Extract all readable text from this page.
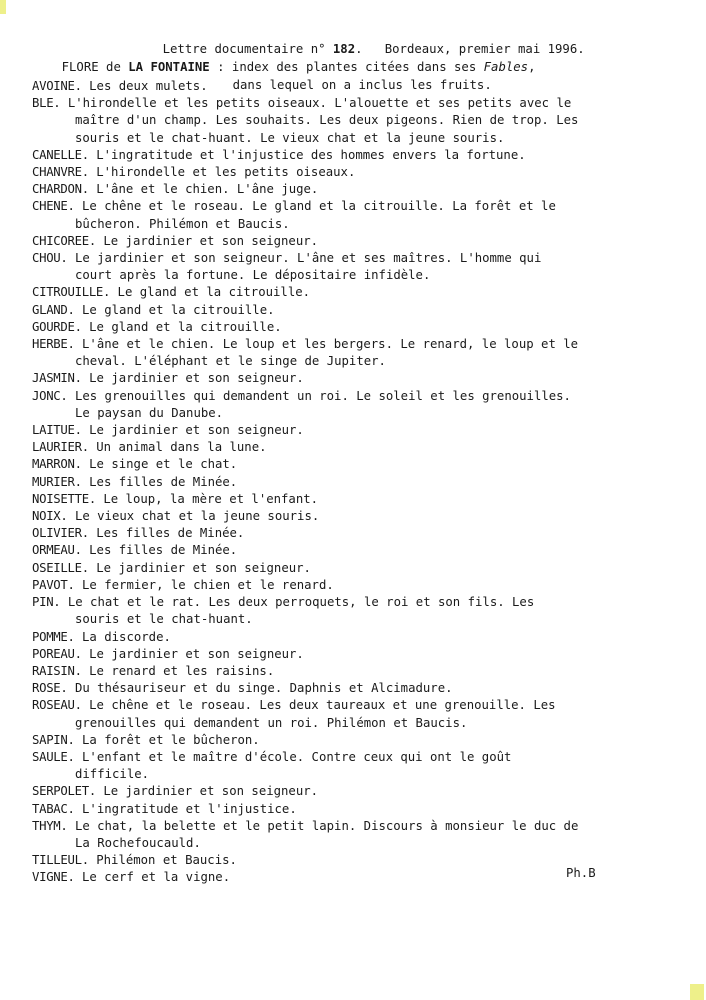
Lettre documentaire n° 182.   Bordeaux, premier mai 1996.

FLORE de LA FONTAINE : index des plantes citées dans ses Fables,

dans lequel on a inclus les fruits.

AVOINE. Les deux mulets.
BLE. L'hirondelle et les petits oiseaux. L'alouette et ses petits avec le
maître d'un champ. Les souhaits. Les deux pigeons. Rien de trop. Les
souris et le chat-huant. Le vieux chat et la jeune souris.
CANELLE. L'ingratitude et l'injustice des hommes envers la fortune.
CHANVRE. L'hirondelle et les petits oiseaux.
CHARDON. L'âne et le chien. L'âne juge.
CHENE. Le chêne et le roseau. Le gland et la citrouille. La forêt et le
bûcheron. Philémon et Baucis.
CHICOREE. Le jardinier et son seigneur.
CHOU. Le jardinier et son seigneur. L'âne et ses maîtres. L'homme qui
court après la fortune. Le dépositaire infidèle.
CITROUILLE. Le gland et la citrouille.
GLAND. Le gland et la citrouille.
GOURDE. Le gland et la citrouille.
HERBE. L'âne et le chien. Le loup et les bergers. Le renard, le loup et le
cheval. L'éléphant et le singe de Jupiter.
JASMIN. Le jardinier et son seigneur.
JONC. Les grenouilles qui demandent un roi. Le soleil et les grenouilles.
Le paysan du Danube.
LAITUE. Le jardinier et son seigneur.
LAURIER. Un animal dans la lune.
MARRON. Le singe et le chat.
MURIER. Les filles de Minée.
NOISETTE. Le loup, la mère et l'enfant.
NOIX. Le vieux chat et la jeune souris.
OLIVIER. Les filles de Minée.
ORMEAU. Les filles de Minée.
OSEILLE. Le jardinier et son seigneur.
PAVOT. Le fermier, le chien et le renard.
PIN. Le chat et le rat. Les deux perroquets, le roi et son fils. Les
souris et le chat-huant.
POMME. La discorde.
POREAU. Le jardinier et son seigneur.
RAISIN. Le renard et les raisins.
ROSE. Du thésauriseur et du singe. Daphnis et Alcimadure.
ROSEAU. Le chêne et le roseau. Les deux taureaux et une grenouille. Les
grenouilles qui demandent un roi. Philémon et Baucis.
SAPIN. La forêt et le bûcheron.
SAULE. L'enfant et le maître d'école. Contre ceux qui ont le goût
difficile.
SERPOLET. Le jardinier et son seigneur.
TABAC. L'ingratitude et l'injustice.
THYM. Le chat, la belette et le petit lapin. Discours à monsieur le duc de
La Rochefoucauld.
TILLEUL. Philémon et Baucis.
VIGNE. Le cerf et la vigne.	Ph.B
